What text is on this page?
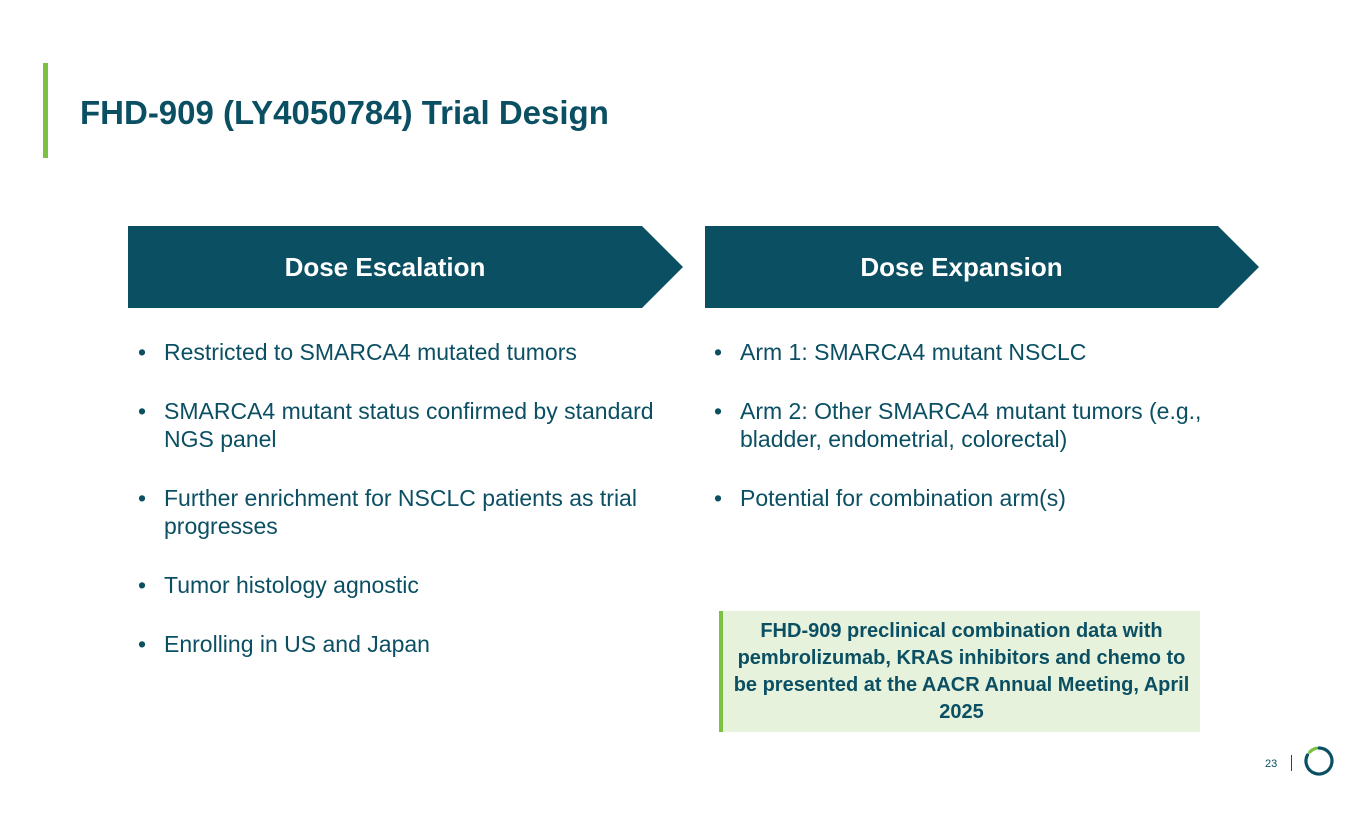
FHD-909 (LY4050784) Trial Design
Dose Escalation	Dose Expansion
• Restricted to SMARCA4 mutated tumors
• SMARCA4 mutant status confirmed by standard NGS panel
• Further enrichment for NSCLC patients as trial progresses
• Tumor histology agnostic
• Enrolling in US and Japan
• Arm 1: SMARCA4 mutant NSCLC
• Arm 2: Other SMARCA4 mutant tumors (e.g., bladder, endometrial, colorectal)
• Potential for combination arm(s)
FHD-909 preclinical combination data with pembrolizumab, KRAS inhibitors and chemo to be presented at the AACR Annual Meeting, April 2025
23
